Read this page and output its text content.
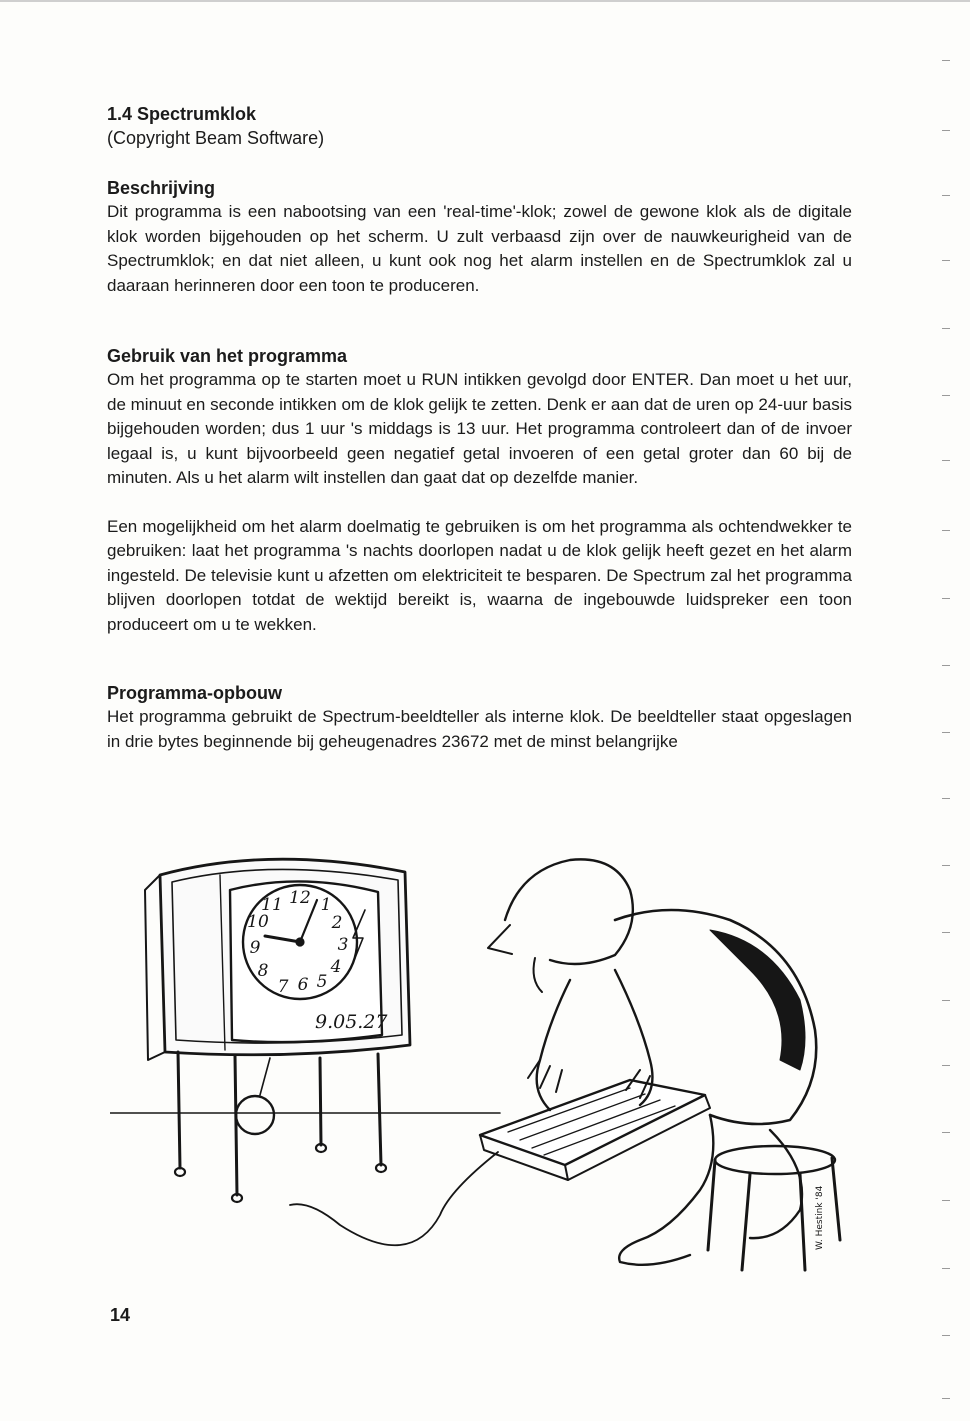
1.4 Spectrumklok

(Copyright Beam Software)

Beschrijving

Dit programma is een nabootsing van een 'real-time'-klok; zowel de gewone klok als de digitale klok worden bijgehouden op het scherm. U zult verbaasd zijn over de nauwkeurigheid van de Spectrumklok; en dat niet alleen, u kunt ook nog het alarm instellen en de Spectrumklok zal u daaraan herinneren door een toon te produceren.

Gebruik van het programma

Om het programma op te starten moet u RUN intikken gevolgd door ENTER. Dan moet u het uur, de minuut en seconde intikken om de klok gelijk te zetten. Denk er aan dat de uren op 24-uur basis bijgehouden worden; dus 1 uur 's middags is 13 uur. Het programma controleert dan of de invoer legaal is, u kunt bijvoorbeeld geen negatief getal invoeren of een getal groter dan 60 bij de minuten. Als u het alarm wilt instellen dan gaat dat op dezelfde manier.

Een mogelijkheid om het alarm doelmatig te gebruiken is om het programma als ochtendwekker te gebruiken: laat het programma 's nachts doorlopen nadat u de klok gelijk heeft gezet en het alarm ingesteld. De televisie kunt u afzetten om elektriciteit te besparen. De Spectrum zal het programma blijven doorlopen totdat de wektijd bereikt is, waarna de ingebouwde luidspreker een toon produceert om u te wekken.

Programma-opbouw

Het programma gebruikt de Spectrum-beeldteller als interne klok. De beeldteller staat opgeslagen in drie bytes beginnende bij geheugenadres 23672 met de minst belangrijke

12 1
2
3
4
5
6
7
8
9
10
11
9.05.27
W. Hestink '84
14
